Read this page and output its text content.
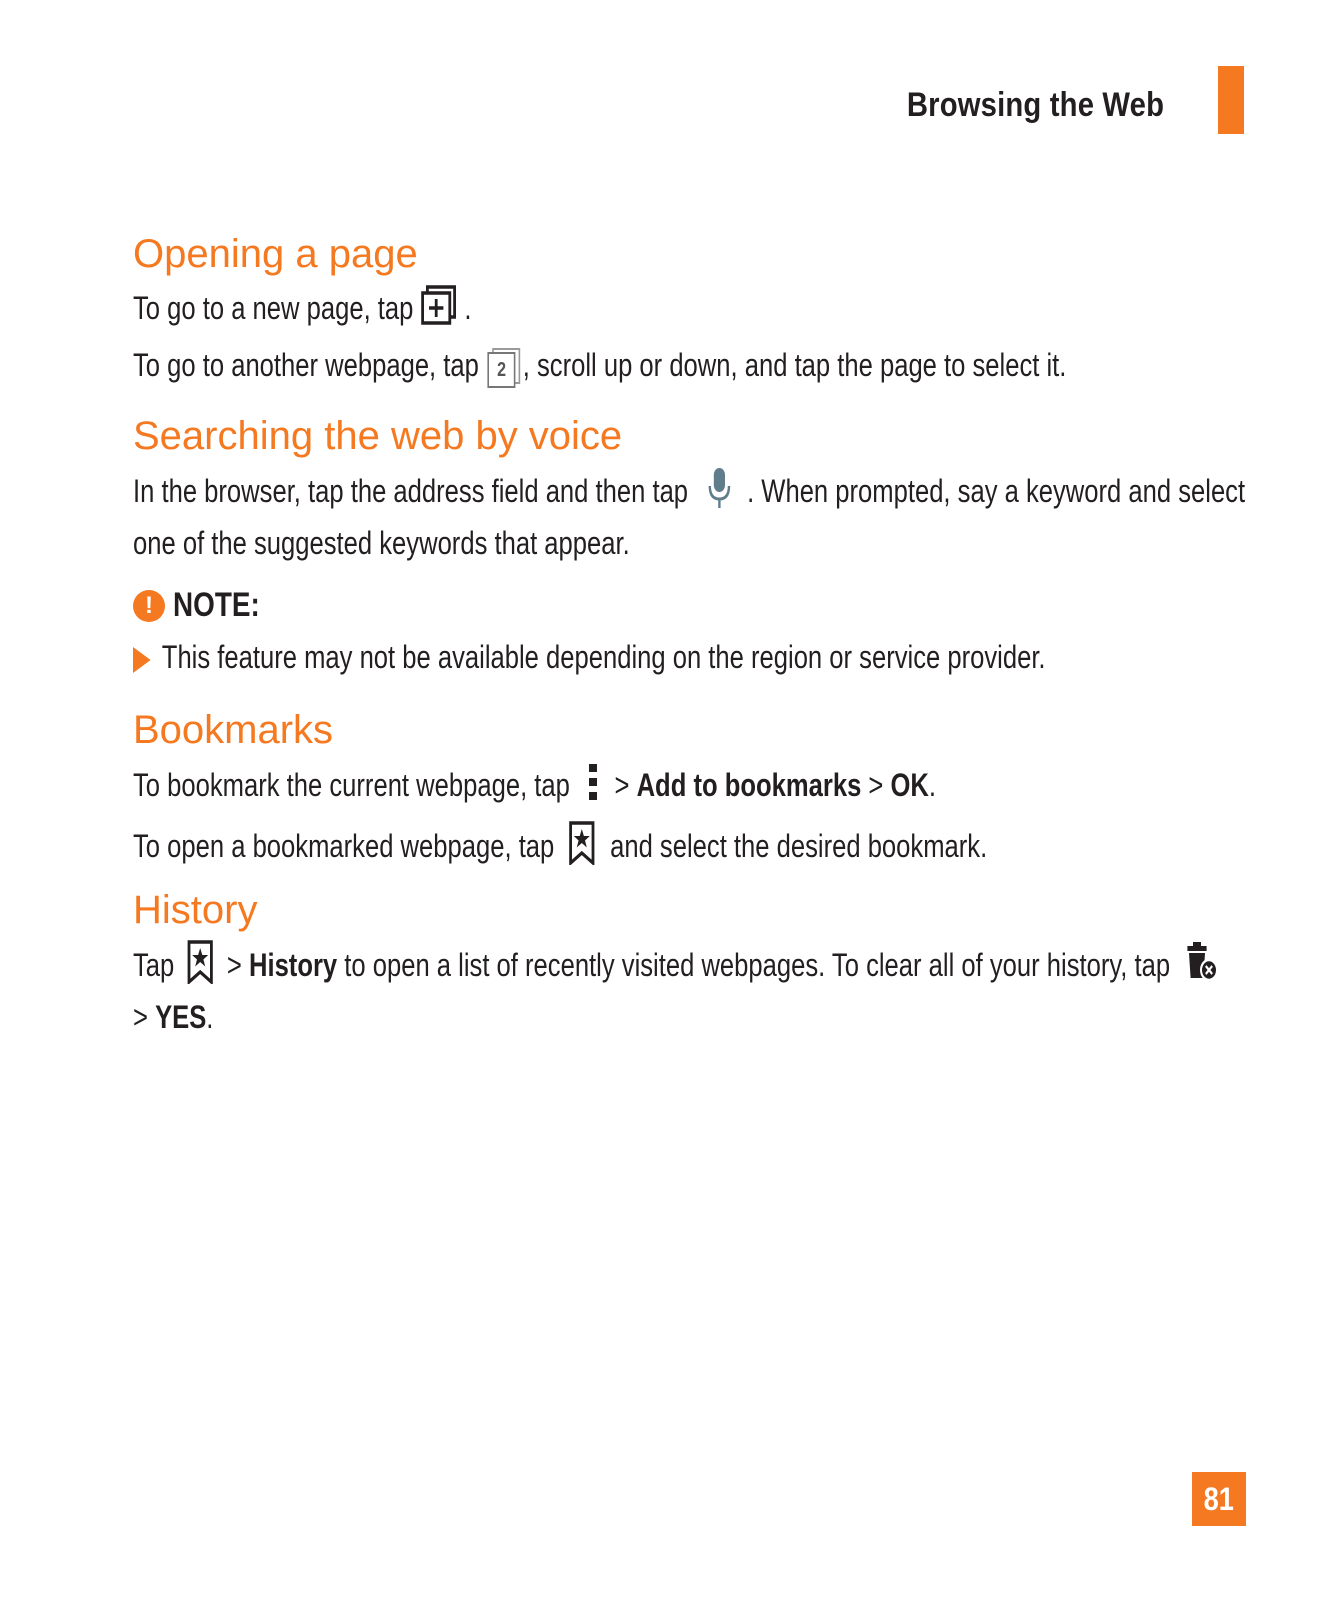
Browsing the Web
Opening a page
To go to a new page, tap .
To go to another webpage, tap 2 , scroll up or down, and tap the page to select it.
Searching the web by voice
In the browser, tap the address field and then tap . When prompted, say a keyword and select
one of the suggested keywords that appear.
! NOTE:
This feature may not be available depending on the region or service provider.
Bookmarks
To bookmark the current webpage, tap > Add to bookmarks > OK.
To open a bookmarked webpage, tap and select the desired bookmark.
History
Tap > History to open a list of recently visited webpages. To clear all of your history, tap
> YES.
81
